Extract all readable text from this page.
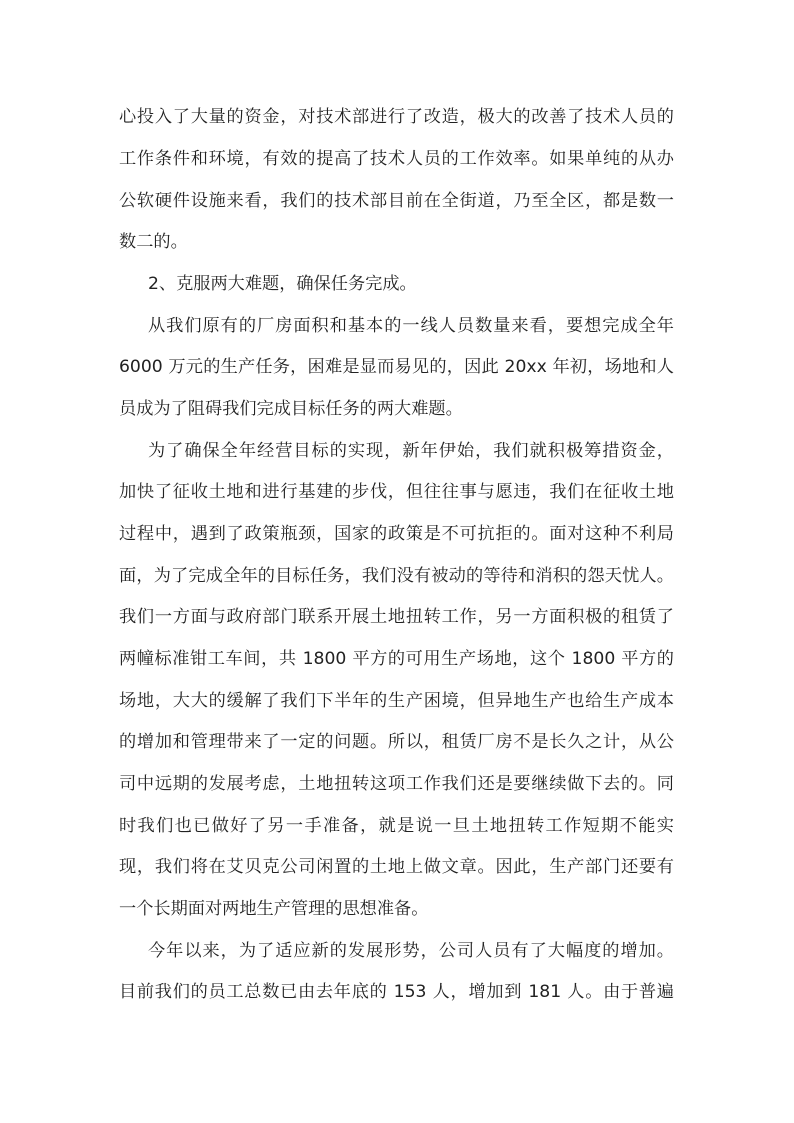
心投入了大量的资金，对技术部进行了改造，极大的改善了技术人员的
工作条件和环境，有效的提高了技术人员的工作效率。如果单纯的从办
公软硬件设施来看，我们的技术部目前在全街道，乃至全区，都是数一
数二的。
2、克服两大难题，确保任务完成。
从我们原有的厂房面积和基本的一线人员数量来看，要想完成全年
6000 万元的生产任务，困难是显而易见的，因此 20xx 年初，场地和人
员成为了阻碍我们完成目标任务的两大难题。
为了确保全年经营目标的实现，新年伊始，我们就积极筹措资金，
加快了征收土地和进行基建的步伐，但往往事与愿违，我们在征收土地
过程中，遇到了政策瓶颈，国家的政策是不可抗拒的。面对这种不利局
面，为了完成全年的目标任务，我们没有被动的等待和消积的怨天忧人。
我们一方面与政府部门联系开展土地扭转工作，另一方面积极的租赁了
两幢标准钳工车间，共 1800 平方的可用生产场地，这个 1800 平方的
场地，大大的缓解了我们下半年的生产困境，但异地生产也给生产成本
的增加和管理带来了一定的问题。所以，租赁厂房不是长久之计，从公
司中远期的发展考虑，土地扭转这项工作我们还是要继续做下去的。同
时我们也已做好了另一手准备，就是说一旦土地扭转工作短期不能实
现，我们将在艾贝克公司闲置的土地上做文章。因此，生产部门还要有
一个长期面对两地生产管理的思想准备。
今年以来，为了适应新的发展形势，公司人员有了大幅度的增加。
目前我们的员工总数已由去年底的 153 人，增加到 181 人。由于普遍
